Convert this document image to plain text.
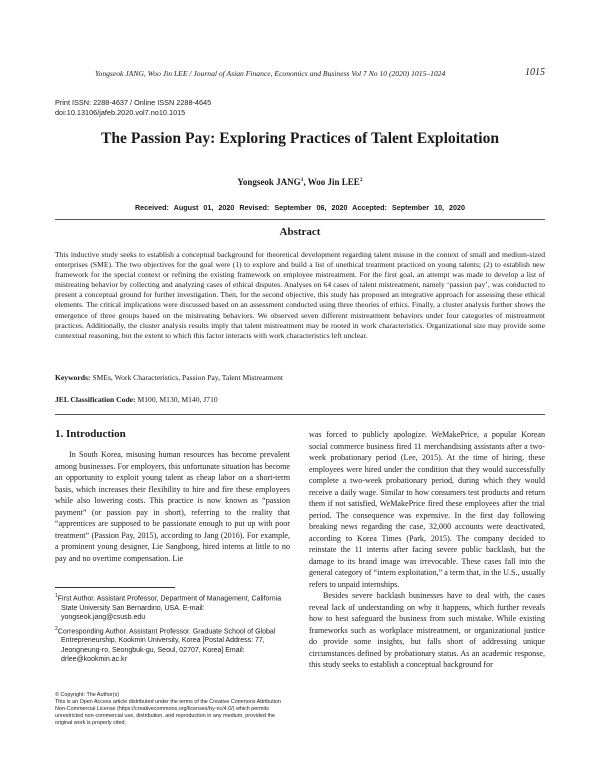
Yongseok JANG, Woo Jin LEE / Journal of Asian Finance, Economics and Business Vol 7 No 10 (2020) 1015–1024	1015
Print ISSN: 2288-4637 / Online ISSN 2288-4645
doi:10.13106/jafeb.2020.vol7.no10.1015
The Passion Pay: Exploring Practices of Talent Exploitation
Yongseok JANG$^1$, Woo Jin LEE$^2$
Received: August 01, 2020 Revised: September 06, 2020 Accepted: September 10, 2020
Abstract
This inductive study seeks to establish a conceptual background for theoretical development regarding talent misuse in the context of small and medium-sized enterprises (SME). The two objectives for the goal were (1) to explore and build a list of unethical treatment practiced on young talents; (2) to establish new framework for the special context or refining the existing framework on employee mistreatment. For the first goal, an attempt was made to develop a list of mistreating behavior by collecting and analyzing cases of ethical disputes. Analyses on 64 cases of talent mistreatment, namely ‘passion pay’, was conducted to present a conceptual ground for further investigation. Then, for the second objective, this study has proposed an integrative approach for assessing these ethical elements. The critical implications were discussed based on an assessment conducted using three theories of ethics. Finally, a cluster analysis further shows the emergence of three groups based on the mistreating behaviors. We observed seven different mistreatment behaviors under four categories of mistreatment practices. Additionally, the cluster analysis results imply that talent mistreatment may be rooted in work characteristics. Organizational size may provide some contextual reasoning, but the extent to which this factor interacts with work characteristics left unclear.
Keywords: SMEs, Work Characteristics, Passion Pay, Talent Mistreatment
JEL Classification Code: M100, M130, M140, J710
1. Introduction

In South Korea, misusing human resources has become prevalent among businesses. For employers, this unfortunate situation has become an opportunity to exploit young talent as cheap labor on a short-term basis, which increases their flexibility to hire and fire these employees while also lowering costs. This practice is now known as “passion payment” (or passion pay in short), referring to the reality that “apprentices are supposed to be passionate enough to put up with poor treatment” (Passion Pay, 2015), according to Jang (2016). For example, a prominent young designer, Lie Sangbong, hired interns at little to no pay and no overtime compensation. Lie

was forced to publicly apologize. WeMakePrice, a popular Korean social commerce business fired 11 merchandising assistants after a two-week probationary period (Lee, 2015). At the time of hiring, these employees were hired under the condition that they would successfully complete a two-week probationary period, during which they would receive a daily wage. Similar to how consumers test products and return them if not satisfied, WeMakePrice fired these employees after the trial period. The consequence was expensive. In the first day following breaking news regarding the case, 32,000 accounts were deactivated, according to Korea Times (Park, 2015). The company decided to reinstate the 11 interns after facing severe public backlash, but the damage to its brand image was irrevocable. These cases fall into the general category of “intern exploitation,” a term that, in the U.S., usually refers to unpaid internships.

Besides severe backlash businesses have to deal with, the cases reveal lack of understanding on why it happens, which further reveals how to best safeguard the business from such mistake. While existing frameworks such as workplace mistreatment, or organizational justice do provide some insights, but falls short of addressing unique circumstances defined by probationary status. As an academic response, this study seeks to establish a conceptual background for

$^1$First Author. Assistant Professor, Department of Management, California State University San Bernardino, USA. E-mail: yongseok.jang@csusb.edu
$^2$Corresponding Author. Assistant Professor. Graduate School of Global Entrepreneurship, Kookmin University, Korea [Postal Address: 77, Jeongneung-ro, Seongbuk-gu, Seoul, 02707, Korea] Email: drlee@kookmin.ac.kr
© Copyright: The Author(s)
This is an Open Access article distributed under the terms of the Creative Commons Attribution Non-Commercial License (https://creativecommons.org/licenses/by-nc/4.0/) which permits unrestricted non-commercial use, distribution, and reproduction in any medium, provided the original work is properly cited.
